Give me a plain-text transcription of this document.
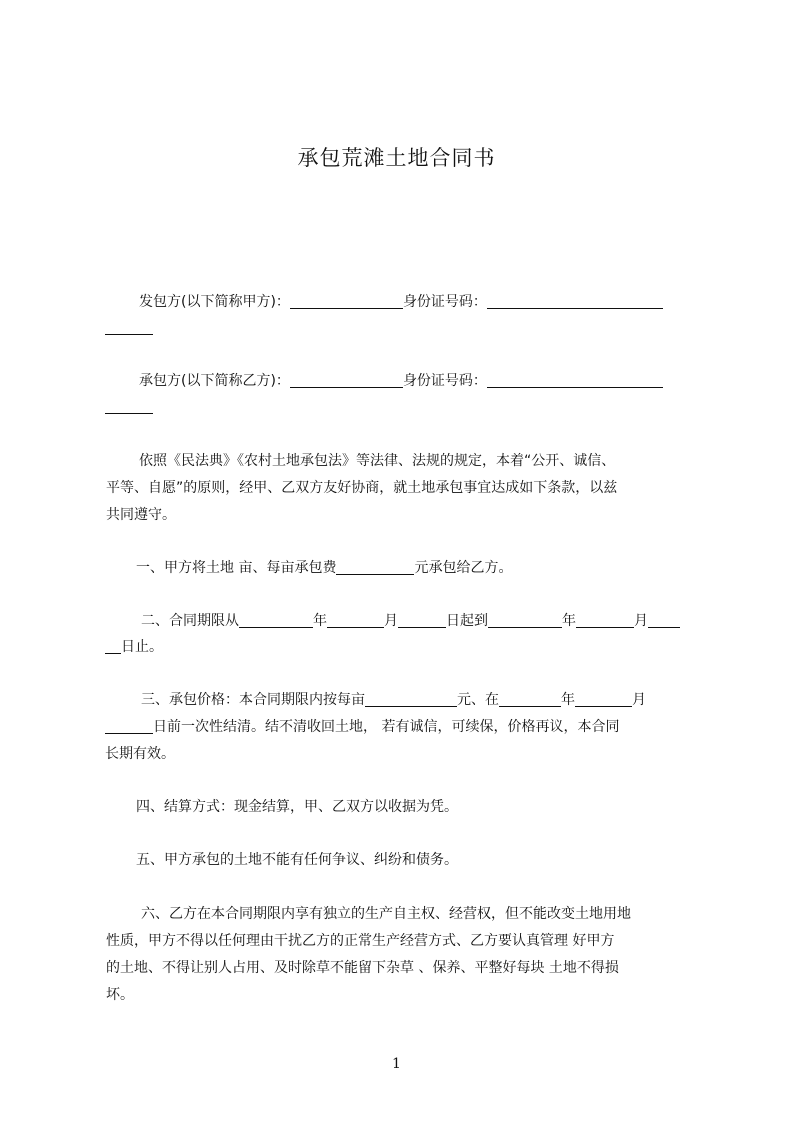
承包荒滩土地合同书
发包方(以下简称甲方)：	身份证号码：
承包方(以下简称乙方)：	身份证号码：
依照《民法典》《农村土地承包法》等法律、法规的规定，本着“公开、诚信、
平等、自愿”的原则，经甲、乙双方友好协商，就土地承包事宜达成如下条款，以兹
共同遵守。
一、甲方将土地 亩、每亩承包费	元承包给乙方。
二、合同期限从	年	月	日起到	年	月
日止。
三、承包价格：本合同期限内按每亩	元、在	年	月
日前一次性结清。结不清收回土地， 若有诚信，可续保，价格再议，本合同
长期有效。
四、结算方式：现金结算，甲、乙双方以收据为凭。
五、甲方承包的土地不能有任何争议、纠纷和债务。
六、乙方在本合同期限内享有独立的生产自主权、经营权，但不能改变土地用地
性质，甲方不得以任何理由干扰乙方的正常生产经营方式、乙方要认真管理 好甲方
的土地、不得让别人占用、及时除草不能留下杂草 、保养、平整好每块 土地不得损
坏。
1
